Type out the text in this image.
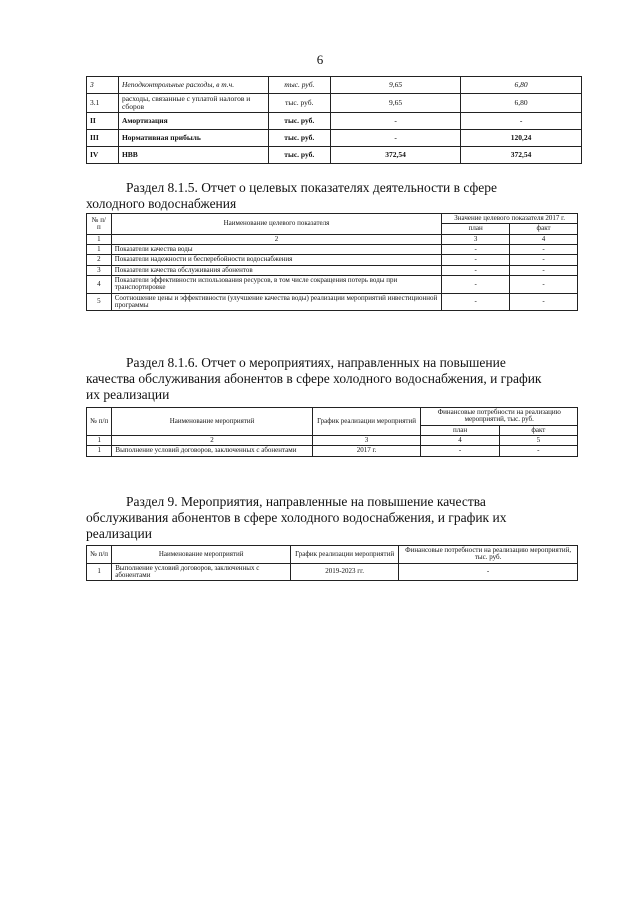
6
3	Неподконтрольные расходы, в т.ч.	тыс. руб.	9,65	6,80
3.1	расходы, связанные с уплатой налогов и сборов	тыс. руб.	9,65	6,80
II	Амортизация	тыс. руб.	-	-
III	Нормативная прибыль	тыс. руб.	-	120,24
IV	НВВ	тыс. руб.	372,54	372,54
Раздел 8.1.5. Отчет о целевых показателях деятельности в сфере
холодного водоснабжения
№ п/п	Наименование целевого показателя	Значение целевого показателя 2017 г.	
		план	факт
1	2	3	4
1	Показатели качества воды	-	-
2	Показатели надежности и бесперебойности водоснабжения	-	-
3	Показатели качества обслуживания абонентов	-	-
4	Показатели эффективности использования ресурсов, в том числе сокращения потерь воды при транспортировке	-	-
5	Соотношение цены и эффективности (улучшение качества воды) реализации мероприятий инвестиционной программы	-	-
Раздел 8.1.6. Отчет о мероприятиях, направленных на повышение
качества обслуживания абонентов в сфере холодного водоснабжения, и график
их реализации
№ п/п	Наименование мероприятий	График реализации мероприятий	Финансовые потребности на реализацию мероприятий, тыс. руб.	
			план	факт
1	2	3	4	5
1	Выполнение условий договоров, заключенных с абонентами	2017 г.	-	-
Раздел 9. Мероприятия, направленные на повышение качества
обслуживания абонентов в сфере холодного водоснабжения, и график их
реализации
№ п/п	Наименование мероприятий	График реализации мероприятий	Финансовые потребности на реализацию мероприятий, тыс. руб.
1	Выполнение условий договоров, заключенных с абонентами	2019-2023 гг.	-
